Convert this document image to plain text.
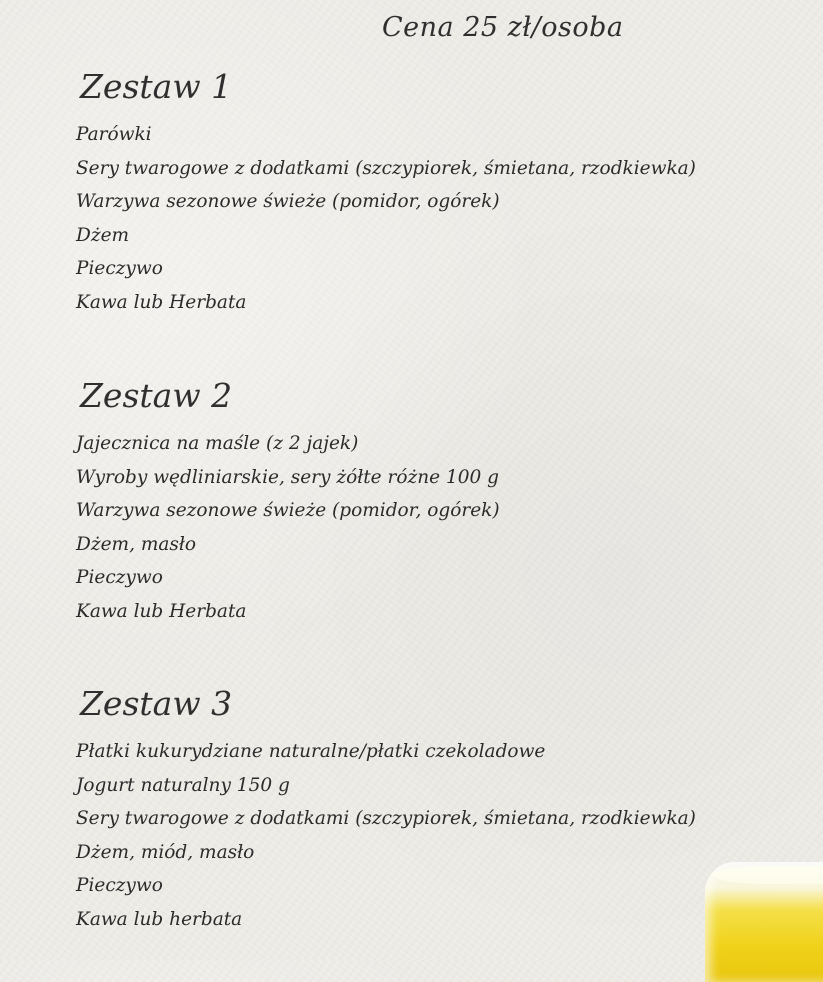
Cena 25 zł/osoba
Zestaw 1
Parówki
Sery twarogowe z dodatkami (szczypiorek, śmietana, rzodkiewka)
Warzywa sezonowe świeże (pomidor, ogórek)
Dżem
Pieczywo
Kawa lub Herbata
Zestaw 2
Jajecznica na maśle (z 2 jajek)
Wyroby wędliniarskie, sery żółte różne 100 g
Warzywa sezonowe świeże (pomidor, ogórek)
Dżem, masło
Pieczywo
Kawa lub Herbata
Zestaw 3
Płatki kukurydziane naturalne/płatki czekoladowe
Jogurt naturalny 150 g
Sery twarogowe z dodatkami (szczypiorek, śmietana, rzodkiewka)
Dżem, miód, masło
Pieczywo
Kawa lub herbata
